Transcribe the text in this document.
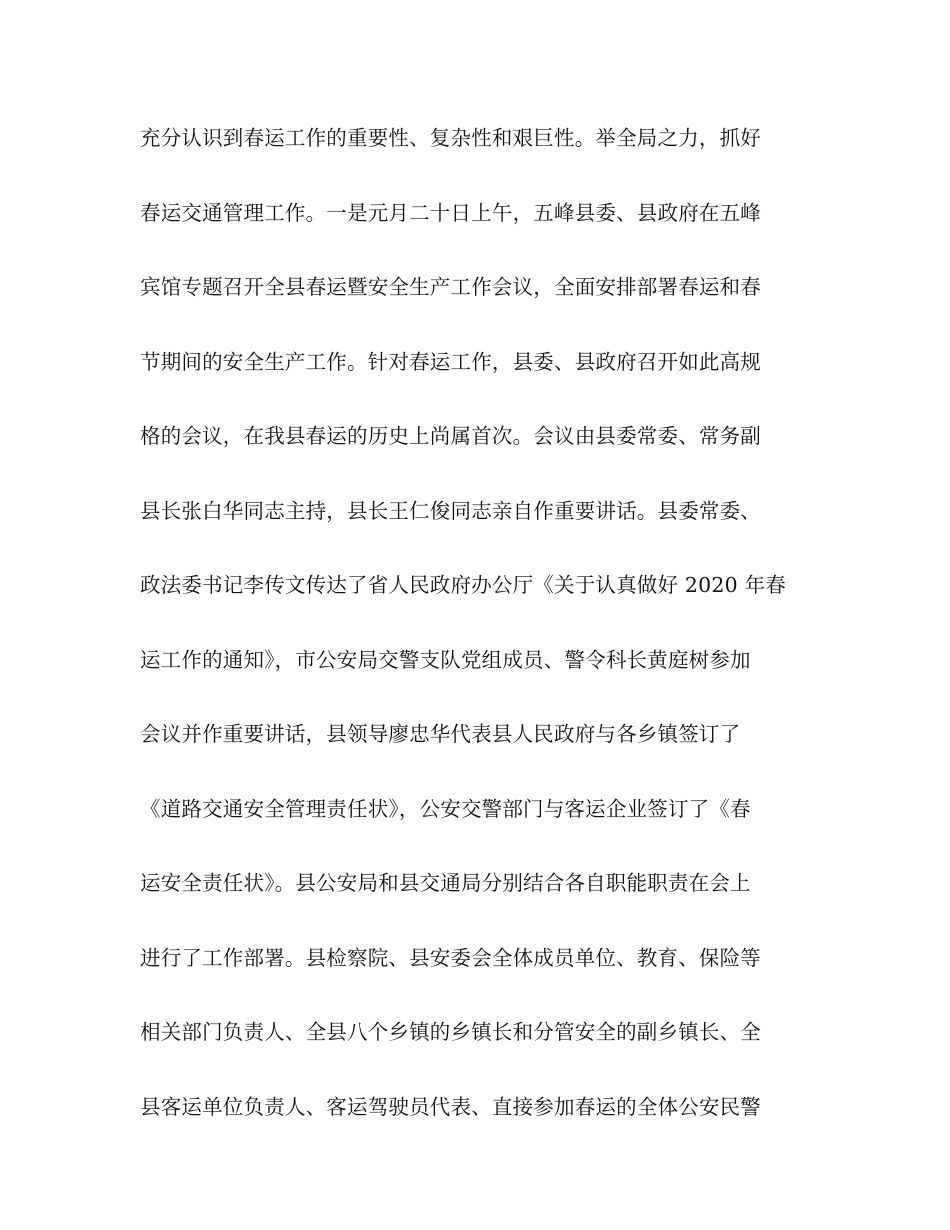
充分认识到春运工作的重要性、复杂性和艰巨性。举全局之力，抓好
春运交通管理工作。一是元月二十日上午，五峰县委、县政府在五峰
宾馆专题召开全县春运暨安全生产工作会议，全面安排部署春运和春
节期间的安全生产工作。针对春运工作，县委、县政府召开如此高规
格的会议，在我县春运的历史上尚属首次。会议由县委常委、常务副
县长张白华同志主持，县长王仁俊同志亲自作重要讲话。县委常委、
政法委书记李传文传达了省人民政府办公厅《关于认真做好 2020 年春
运工作的通知》，市公安局交警支队党组成员、警令科长黄庭树参加
会议并作重要讲话，县领导廖忠华代表县人民政府与各乡镇签订了
《道路交通安全管理责任状》，公安交警部门与客运企业签订了《春
运安全责任状》。县公安局和县交通局分别结合各自职能职责在会上
进行了工作部署。县检察院、县安委会全体成员单位、教育、保险等
相关部门负责人、全县八个乡镇的乡镇长和分管安全的副乡镇长、全
县客运单位负责人、客运驾驶员代表、直接参加春运的全体公安民警
